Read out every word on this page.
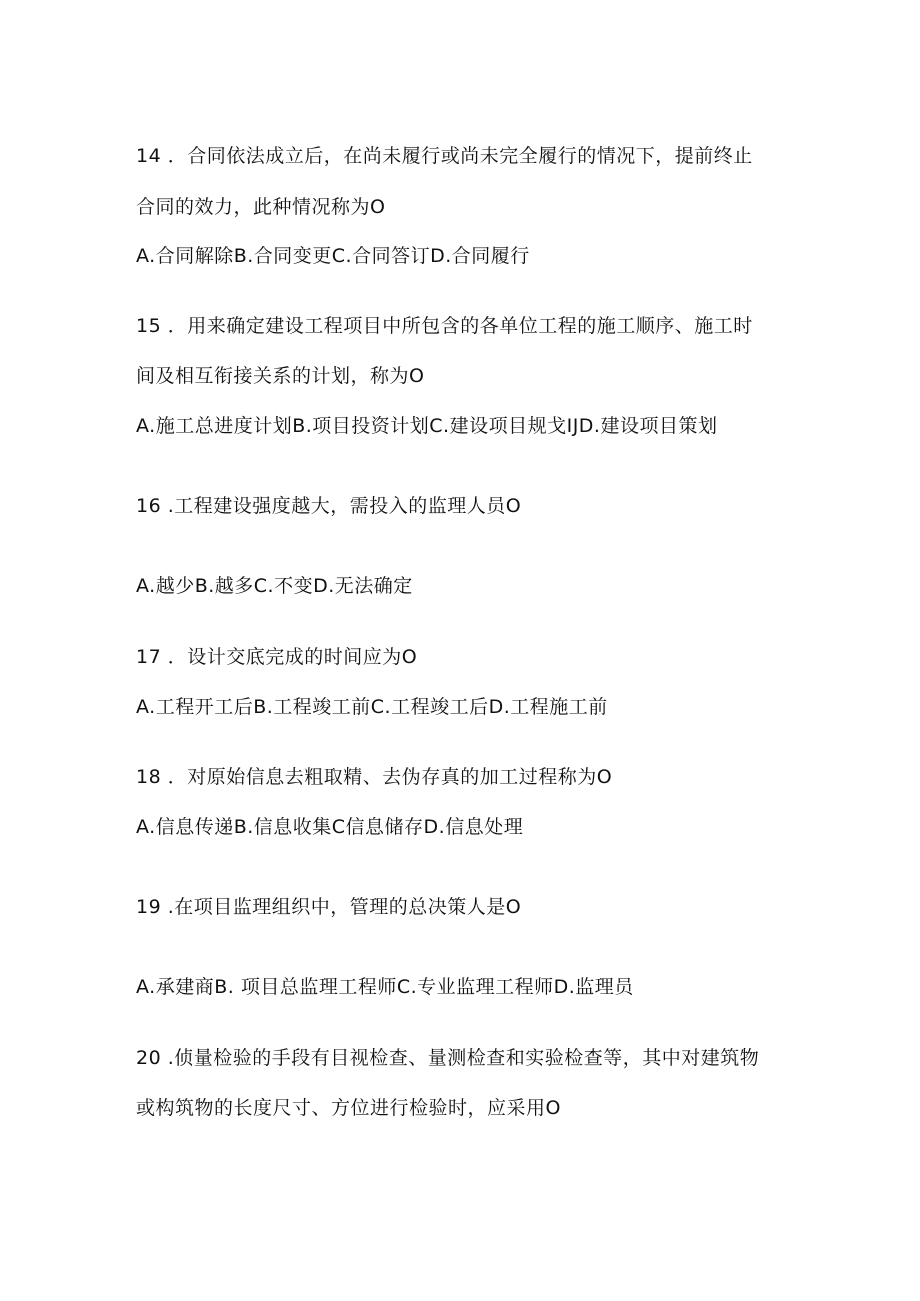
14 ．合同依法成立后，在尚未履行或尚未完全履行的情况下，提前终止
合同的效力，此种情况称为O
A.合同解除B.合同变更C.合同答订D.合同履行
15 ．用来确定建设工程项目中所包含的各单位工程的施工顺序、施工时
间及相互衔接关系的计划，称为O
A.施工总进度计划B.项目投资计划C.建设项目规戈IJD.建设项目策划
16 .工程建设强度越大，需投入的监理人员O
A.越少B.越多C.不变D.无法确定
17 ．设计交底完成的时间应为O
A.工程开工后B.工程竣工前C.工程竣工后D.工程施工前
18 ．对原始信息去粗取精、去伪存真的加工过程称为O
A.信息传递B.信息收集C信息储存D.信息处理
19 .在项目监理组织中，管理的总决策人是O
A.承建商B. 项目总监理工程师C.专业监理工程师D.监理员
20 .侦量检验的手段有目视检查、量测检查和实验检查等，其中对建筑物
或构筑物的长度尺寸、方位进行检验时，应采用O
